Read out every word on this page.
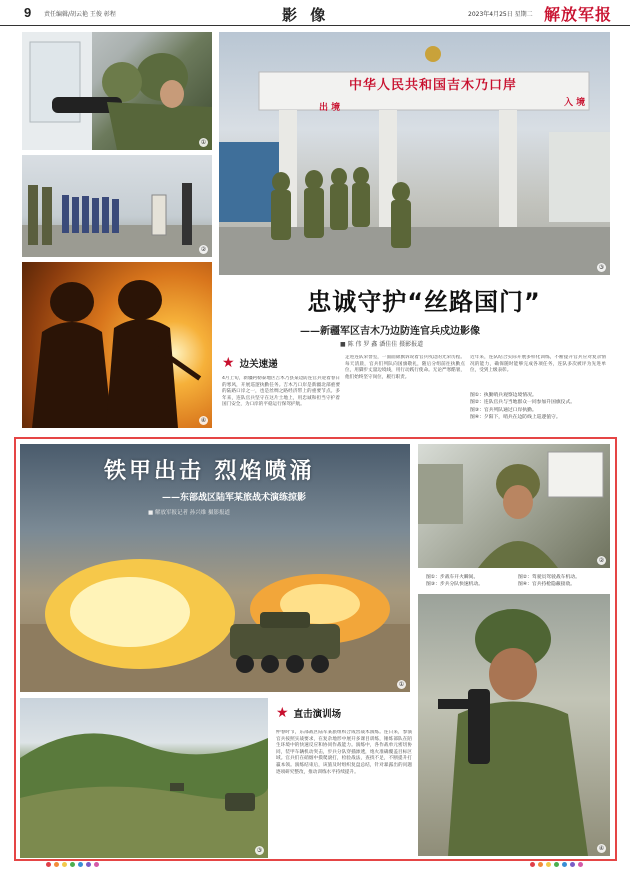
9 责任编辑/胡云艳 王俊 彰程	影 像	2023年4月25日 星期二 解放军报
①
②
④
中华人民共和国吉木乃口岸
出 境	入 境
③
忠诚守护“丝路国门”
——新疆军区吉木乃边防连官兵戍边影像
■ 陈 伟 罗 鑫 潘佳佳 摄影报道
★ 边关速递
4月上旬，新疆阿勒泰地区吉木乃县某边防连官兵迎着春日的寒风，开展巡逻执勤任务。吉木乃口岸是新疆北部重要的陆路口岸之一，也是丝绸之路经济带上的重要节点。多年来，连队官兵坚守在这片土地上，用忠诚和担当守护着国门安全，为口岸的平稳运行保驾护航。
走进连队荣誉室，一面面锦旗诉说着官兵戍边的光荣历程。每天清晨，官兵们列队向国旗敬礼，随后分组前往执勤点位，用脚步丈量边境线，用行动践行使命。无论严寒酷暑，他们始终坚守岗位，履行职责。
近年来，连队结合实际开展多样化训练，不断提升官兵应对复杂情况的能力，确保随时能够完成各项任务，连队多次被评为先进单位，受到上级表彰。
图①：执勤哨兵观察边境情况。
图②：连队官兵与当地群众一同参加升国旗仪式。
图③：官兵列队通过口岸执勤。
图④：夕阳下，哨兵在边防线上巡逻值守。
①
铁甲出击 烈焰喷涌
——东部战区陆军某旅战术演练掠影
■ 解放军报记者 孙兴维 摄影报道
②
图①：步战车开火瞬间。	图②：驾驶员驾驶战车机动。
图③：步兵分队快速机动。	图④：官兵持枪隐蔽接敌。
④
③
★ 直击演训场
仲春时节，东部战区陆军某旅组织合成营战术演练。连日来，参演官兵按照实战要求，在复杂地形中展开多课目训练，锤炼部队在陌生环境中的快速反应和协同作战能力。演练中，各作战单元密切协同，装甲车辆机动突击，步兵分队穿插渗透，炮火准确覆盖目标区域。官兵们在硝烟中摸爬滚打，检验战法，查找不足，不断提升打赢本领。演练结束后，该旅及时组织复盘总结，针对暴露出的问题逐项研究整改，推动训练水平持续提升。
